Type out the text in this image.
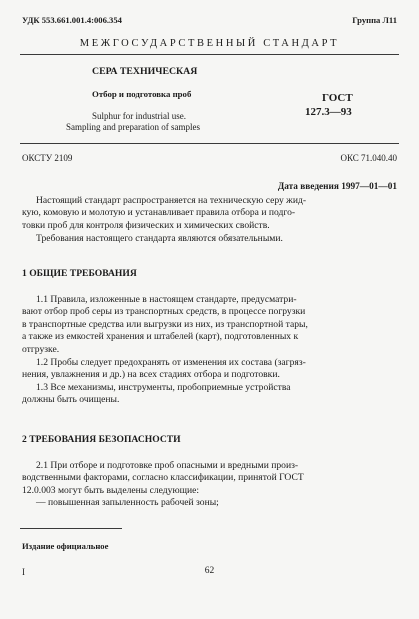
УДК 553.661.001.4:006.354	Группа Л11
МЕЖГОСУДАРСТВЕННЫЙ СТАНДАРТ
СЕРА ТЕХНИЧЕСКАЯ
Отбор и подготовка проб
Sulphur for industrial use.
Sampling and preparation of samples
ГОСТ
127.3—93
ОКСТУ 2109	ОКС 71.040.40
Дата введения 1997—01—01
Настоящий стандарт распространяется на техническую серу жид-
кую, комовую и молотую и устанавливает правила отбора и подго-
товки проб для контроля физических и химических свойств.
Требования настоящего стандарта являются обязательными.
1 ОБЩИЕ ТРЕБОВАНИЯ
1.1 Правила, изложенные в настоящем стандарте, предусматри-
вают отбор проб серы из транспортных средств, в процессе погрузки
в транспортные средства или выгрузки из них, из транспортной тары,
а также из емкостей хранения и штабелей (карт), подготовленных к
отгрузке.
1.2 Пробы следует предохранять от изменения их состава (загряз-
нения, увлажнения и др.) на всех стадиях отбора и подготовки.
1.3 Все механизмы, инструменты, пробоприемные устройства
должны быть очищены.
2 ТРЕБОВАНИЯ БЕЗОПАСНОСТИ
2.1 При отборе и подготовке проб опасными и вредными произ-
водственными факторами, согласно классификации, принятой ГОСТ
12.0.003 могут быть выделены следующие:
— повышенная запыленность рабочей зоны;
Издание официальное
I	62
